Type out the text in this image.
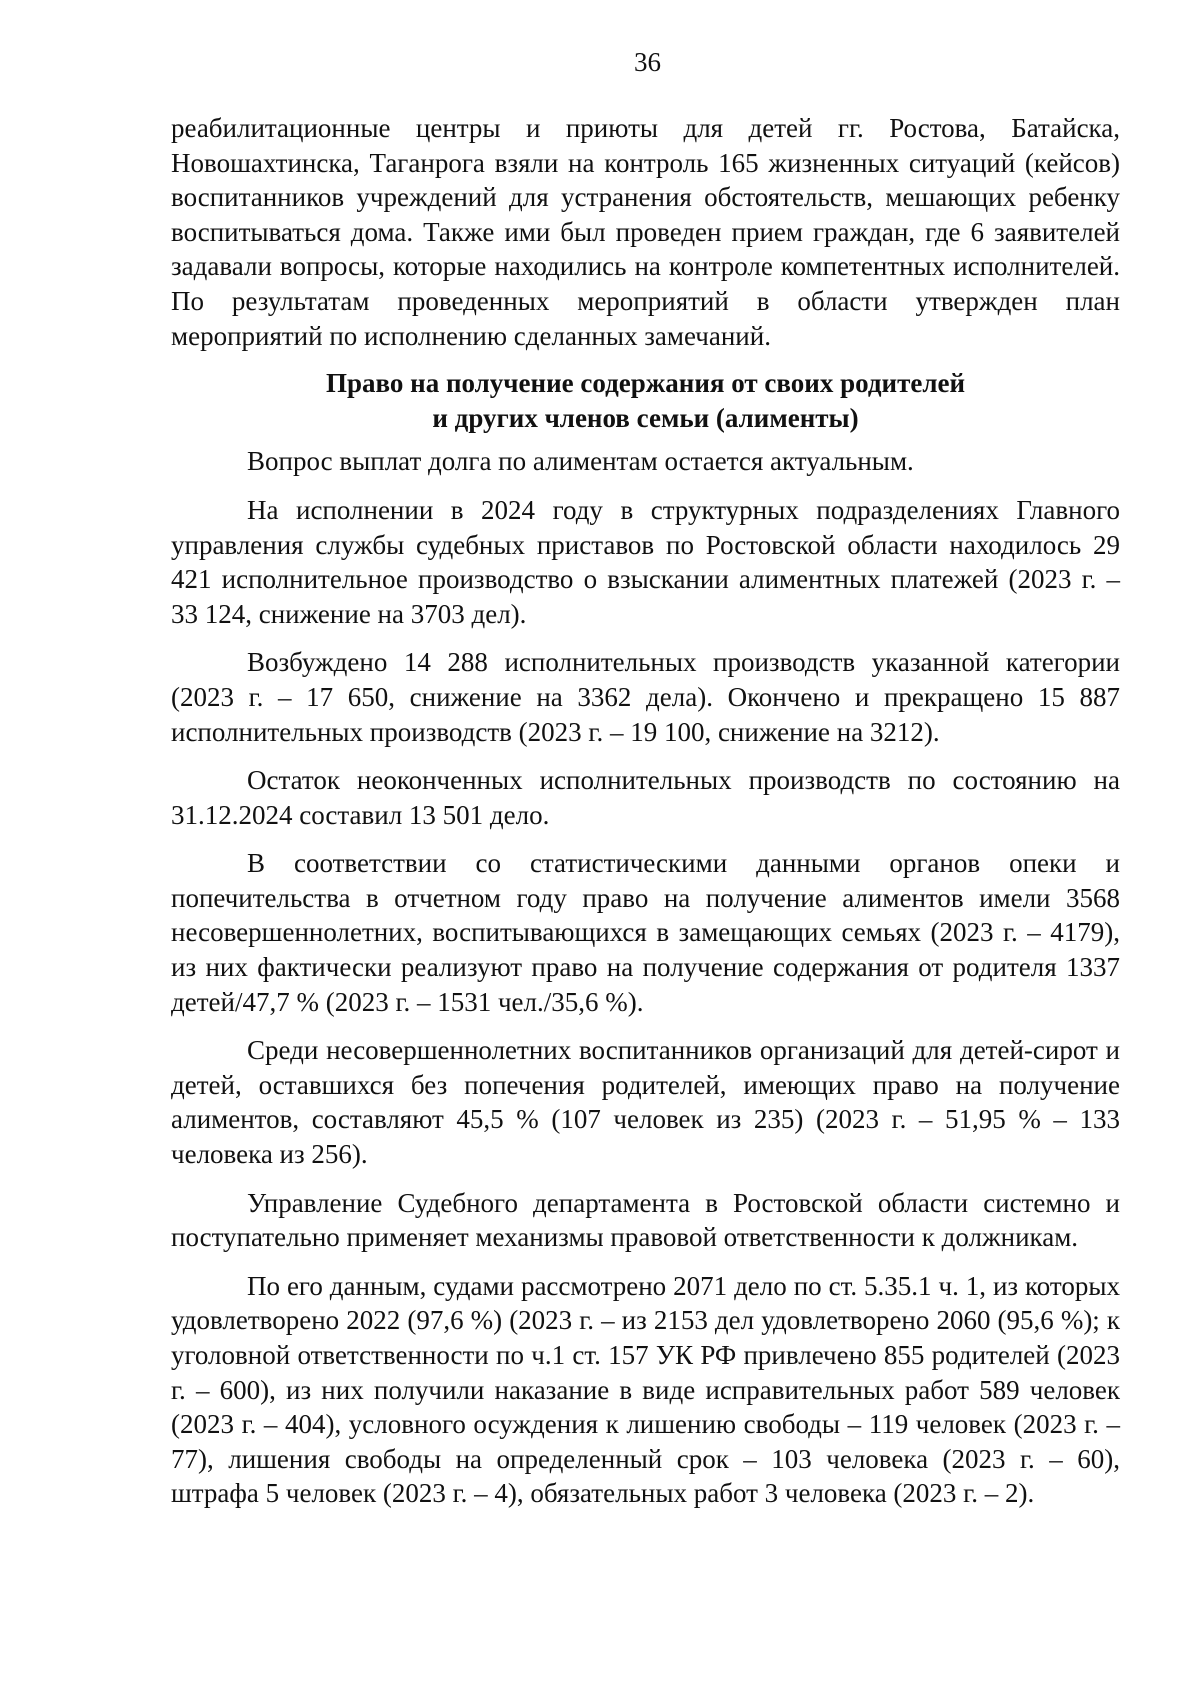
36

реабилитационные центры и приюты для детей гг. Ростова, Батайска, Новошахтинска, Таганрога взяли на контроль 165 жизненных ситуаций (кейсов) воспитанников учреждений для устранения обстоятельств, мешающих ребенку воспитываться дома. Также ими был проведен прием граждан, где 6 заявителей задавали вопросы, которые находились на контроле компетентных исполнителей. По результатам проведенных мероприятий в области утвержден план мероприятий по исполнению сделанных замечаний.

Право на получение содержания от своих родителей
и других членов семьи (алименты)

Вопрос выплат долга по алиментам остается актуальным.

На исполнении в 2024 году в структурных подразделениях Главного управления службы судебных приставов по Ростовской области находилось 29 421 исполнительное производство о взыскании алиментных платежей (2023 г. – 33 124, снижение на 3703 дел).

Возбуждено 14 288 исполнительных производств указанной категории (2023 г. – 17 650, снижение на 3362 дела). Окончено и прекращено 15 887 исполнительных производств (2023 г. – 19 100, снижение на 3212).

Остаток неоконченных исполнительных производств по состоянию на 31.12.2024 составил 13 501 дело.

В соответствии со статистическими данными органов опеки и попечительства в отчетном году право на получение алиментов имели 3568 несовершеннолетних, воспитывающихся в замещающих семьях (2023 г. – 4179), из них фактически реализуют право на получение содержания от родителя 1337 детей/47,7 % (2023 г. – 1531 чел./35,6 %).

Среди несовершеннолетних воспитанников организаций для детей-сирот и детей, оставшихся без попечения родителей, имеющих право на получение алиментов, составляют 45,5 % (107 человек из 235) (2023 г. – 51,95 % – 133 человека из 256).

Управление Судебного департамента в Ростовской области системно и поступательно применяет механизмы правовой ответственности к должникам.

По его данным, судами рассмотрено 2071 дело по ст. 5.35.1 ч. 1, из которых удовлетворено 2022 (97,6 %) (2023 г. – из 2153 дел удовлетворено 2060 (95,6 %); к уголовной ответственности по ч.1 ст. 157 УК РФ привлечено 855 родителей (2023 г. – 600), из них получили наказание в виде исправительных работ 589 человек (2023 г. – 404), условного осуждения к лишению свободы – 119 человек (2023 г. – 77), лишения свободы на определенный срок – 103 человека (2023 г. – 60), штрафа 5 человек (2023 г. – 4), обязательных работ 3 человека (2023 г. – 2).
